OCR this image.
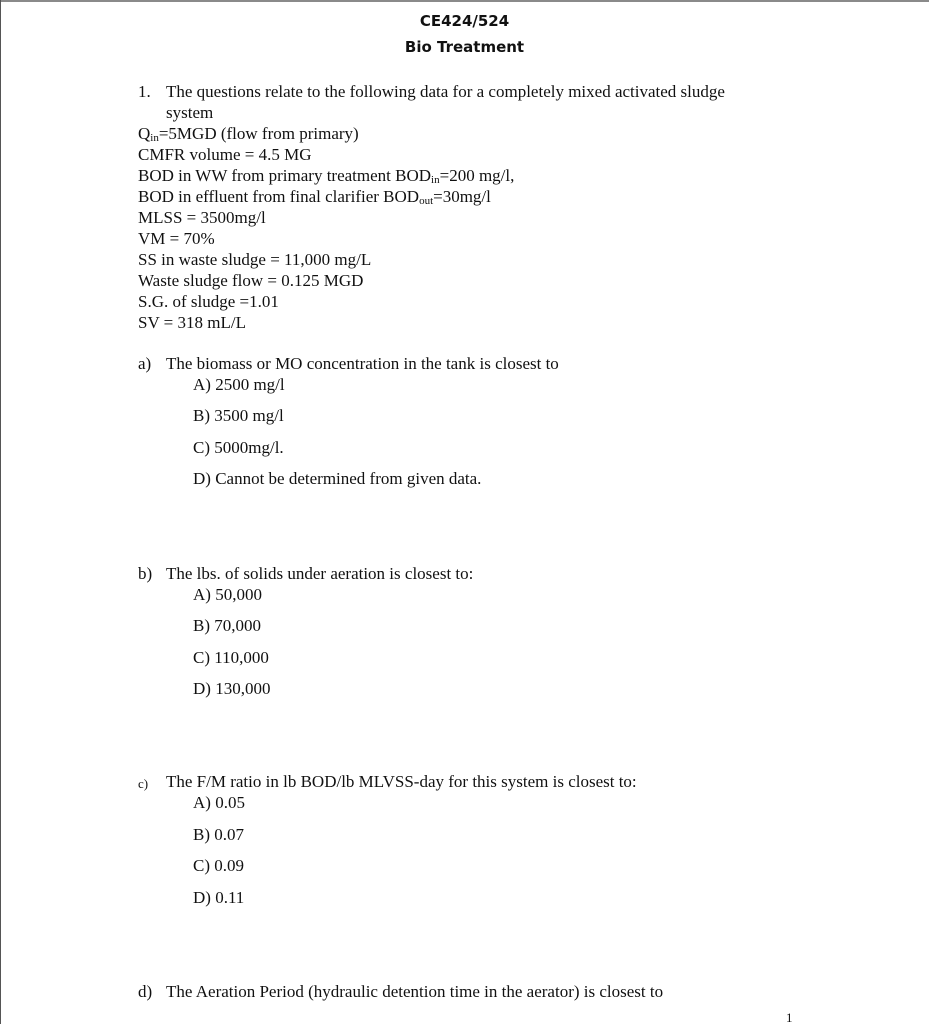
CE424/524
Bio Treatment
1. The questions relate to the following data for a completely mixed activated sludge
system
$Q_{in}=5MGD$ (flow from primary)
CMFR volume = 4.5 MG
BOD in WW from primary treatment $BOD_{in}=200$ mg/l,
BOD in effluent from final clarifier $BOD_{out}=30mg/l$
MLSS = 3500mg/l
VM = 70%
SS in waste sludge = 11,000 mg/L
Waste sludge flow = 0.125 MGD
S.G. of sludge =1.01
SV = 318 mL/L
a) The biomass or MO concentration in the tank is closest to
A) 2500 mg/l
B) 3500 mg/l
C) 5000mg/l.
D) Cannot be determined from given data.
b) The lbs. of solids under aeration is closest to:
A) 50,000
B) 70,000
C) 110,000
D) 130,000
c) The F/M ratio in lb BOD/lb MLVSS-day for this system is closest to:
A) 0.05
B) 0.07
C) 0.09
D) 0.11
d) The Aeration Period (hydraulic detention time in the aerator) is closest to
1
